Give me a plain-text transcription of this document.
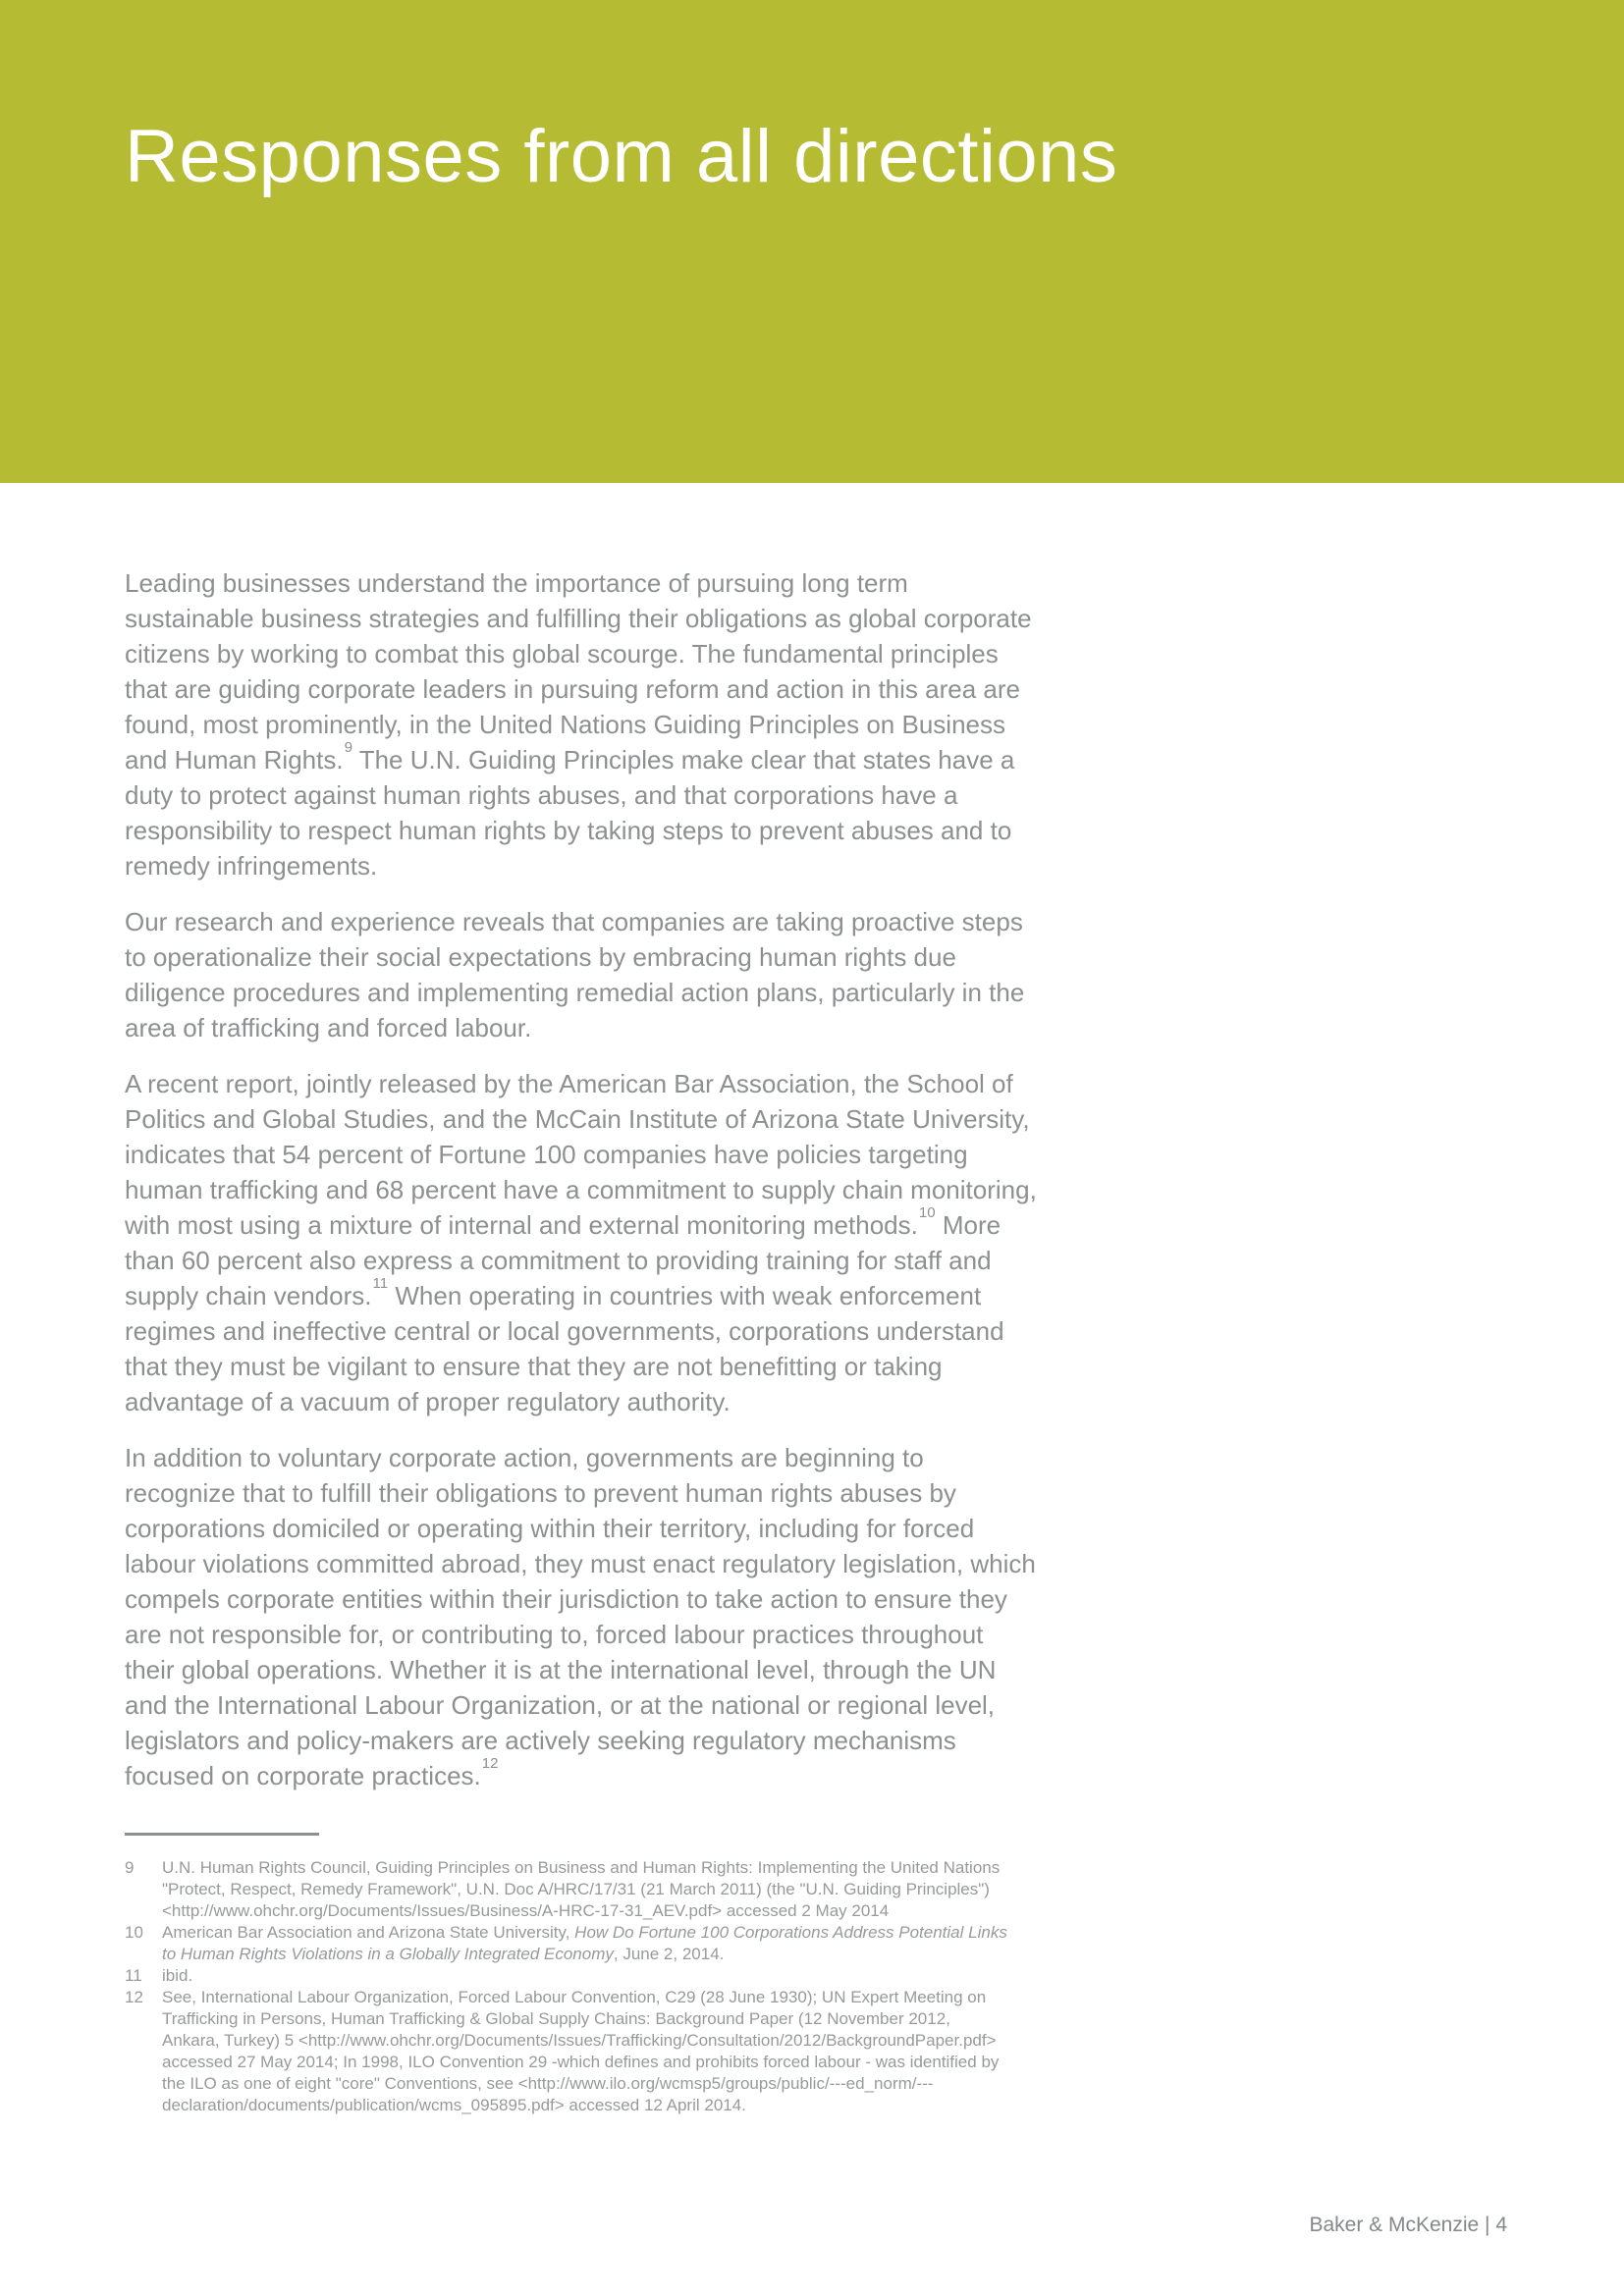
Responses from all directions

Leading businesses understand the importance of pursuing long term sustainable business strategies and fulfilling their obligations as global corporate citizens by working to combat this global scourge. The fundamental principles that are guiding corporate leaders in pursuing reform and action in this area are found, most prominently, in the United Nations Guiding Principles on Business and Human Rights.$^9$ The U.N. Guiding Principles make clear that states have a duty to protect against human rights abuses, and that corporations have a responsibility to respect human rights by taking steps to prevent abuses and to remedy infringements.

Our research and experience reveals that companies are taking proactive steps to operationalize their social expectations by embracing human rights due diligence procedures and implementing remedial action plans, particularly in the area of trafficking and forced labour.

A recent report, jointly released by the American Bar Association, the School of Politics and Global Studies, and the McCain Institute of Arizona State University, indicates that 54 percent of Fortune 100 companies have policies targeting human trafficking and 68 percent have a commitment to supply chain monitoring, with most using a mixture of internal and external monitoring methods.$^{10}$ More than 60 percent also express a commitment to providing training for staff and supply chain vendors.$^{11}$ When operating in countries with weak enforcement regimes and ineffective central or local governments, corporations understand that they must be vigilant to ensure that they are not benefitting or taking advantage of a vacuum of proper regulatory authority.

In addition to voluntary corporate action, governments are beginning to recognize that to fulfill their obligations to prevent human rights abuses by corporations domiciled or operating within their territory, including for forced labour violations committed abroad, they must enact regulatory legislation, which compels corporate entities within their jurisdiction to take action to ensure they are not responsible for, or contributing to, forced labour practices throughout their global operations. Whether it is at the international level, through the UN and the International Labour Organization, or at the national or regional level, legislators and policy-makers are actively seeking regulatory mechanisms focused on corporate practices.$^{12}$

9	U.N. Human Rights Council, Guiding Principles on Business and Human Rights: Implementing the United Nations "Protect, Respect, Remedy Framework", U.N. Doc A/HRC/17/31 (21 March 2011) (the "U.N. Guiding Principles") <http://www.ohchr.org/Documents/Issues/Business/A-HRC-17-31_AEV.pdf> accessed 2 May 2014
10	American Bar Association and Arizona State University, How Do Fortune 100 Corporations Address Potential Links to Human Rights Violations in a Globally Integrated Economy, June 2, 2014.
11	ibid.
12	See, International Labour Organization, Forced Labour Convention, C29 (28 June 1930); UN Expert Meeting on Trafficking in Persons, Human Trafficking & Global Supply Chains: Background Paper (12 November 2012, Ankara, Turkey) 5 <http://www.ohchr.org/Documents/Issues/Trafficking/Consultation/2012/BackgroundPaper.pdf> accessed 27 May 2014; In 1998, ILO Convention 29 -which defines and prohibits forced labour - was identified by the ILO as one of eight "core" Conventions, see <http://www.ilo.org/wcmsp5/groups/public/---ed_norm/---declaration/documents/publication/wcms_095895.pdf> accessed 12 April 2014.
Baker & McKenzie | 4
